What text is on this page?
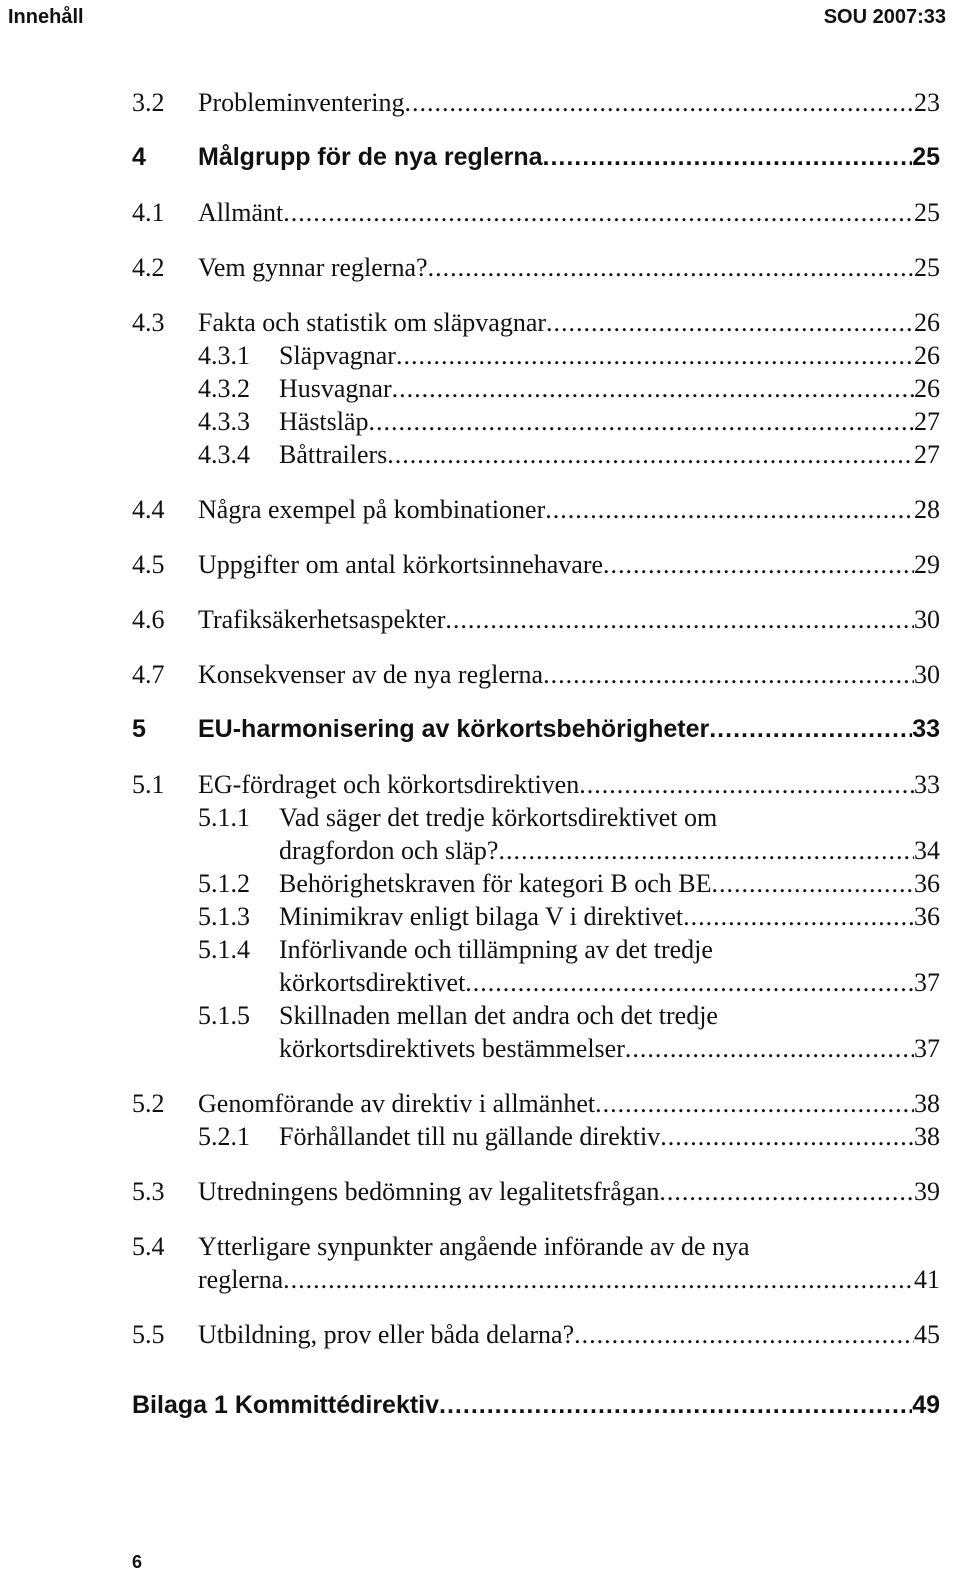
Innehåll	SOU 2007:33
3.2 Probleminventering .....	23
4 Målgrupp för de nya reglerna .....	25
4.1 Allmänt .....	25
4.2 Vem gynnar reglerna? .....	25
4.3 Fakta och statistik om släpvagnar .....	26
4.3.1 Släpvagnar .....	26
4.3.2 Husvagnar .....	26
4.3.3 Hästsläp .....	27
4.3.4 Båttrailers .....	27
4.4 Några exempel på kombinationer .....	28
4.5 Uppgifter om antal körkortsinnehavare .....	29
4.6 Trafiksäkerhetsaspekter .....	30
4.7 Konsekvenser av de nya reglerna .....	30
5 EU-harmonisering av körkortsbehörigheter .....	33
5.1 EG-fördraget och körkortsdirektiven .....	33
5.1.1 Vad säger det tredje körkortsdirektivet om
dragfordon och släp? .....	34
5.1.2 Behörighetskraven för kategori B och BE .....	36
5.1.3 Minimikrav enligt bilaga V i direktivet .....	36
5.1.4 Införlivande och tillämpning av det tredje
körkortsdirektivet .....	37
5.1.5 Skillnaden mellan det andra och det tredje
körkortsdirektivets bestämmelser .....	37
5.2 Genomförande av direktiv i allmänhet .....	38
5.2.1 Förhållandet till nu gällande direktiv .....	38
5.3 Utredningens bedömning av legalitetsfrågan .....	39
5.4 Ytterligare synpunkter angående införande av de nya
reglerna .....	41
5.5 Utbildning, prov eller båda delarna? .....	45
Bilaga 1 Kommittédirektiv .....	49
6
